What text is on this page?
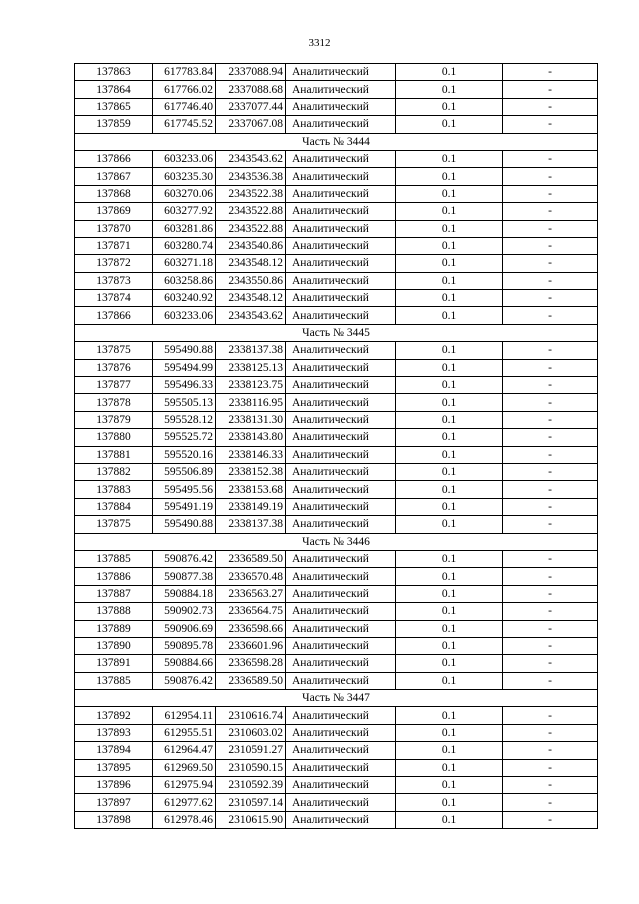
3312
137863	617783.84	2337088.94	Аналитический	0.1	-
137864	617766.02	2337088.68	Аналитический	0.1	-
137865	617746.40	2337077.44	Аналитический	0.1	-
137859	617745.52	2337067.08	Аналитический	0.1	-
Часть № 3444					
137866	603233.06	2343543.62	Аналитический	0.1	-
137867	603235.30	2343536.38	Аналитический	0.1	-
137868	603270.06	2343522.38	Аналитический	0.1	-
137869	603277.92	2343522.88	Аналитический	0.1	-
137870	603281.86	2343522.88	Аналитический	0.1	-
137871	603280.74	2343540.86	Аналитический	0.1	-
137872	603271.18	2343548.12	Аналитический	0.1	-
137873	603258.86	2343550.86	Аналитический	0.1	-
137874	603240.92	2343548.12	Аналитический	0.1	-
137866	603233.06	2343543.62	Аналитический	0.1	-
Часть № 3445					
137875	595490.88	2338137.38	Аналитический	0.1	-
137876	595494.99	2338125.13	Аналитический	0.1	-
137877	595496.33	2338123.75	Аналитический	0.1	-
137878	595505.13	2338116.95	Аналитический	0.1	-
137879	595528.12	2338131.30	Аналитический	0.1	-
137880	595525.72	2338143.80	Аналитический	0.1	-
137881	595520.16	2338146.33	Аналитический	0.1	-
137882	595506.89	2338152.38	Аналитический	0.1	-
137883	595495.56	2338153.68	Аналитический	0.1	-
137884	595491.19	2338149.19	Аналитический	0.1	-
137875	595490.88	2338137.38	Аналитический	0.1	-
Часть № 3446					
137885	590876.42	2336589.50	Аналитический	0.1	-
137886	590877.38	2336570.48	Аналитический	0.1	-
137887	590884.18	2336563.27	Аналитический	0.1	-
137888	590902.73	2336564.75	Аналитический	0.1	-
137889	590906.69	2336598.66	Аналитический	0.1	-
137890	590895.78	2336601.96	Аналитический	0.1	-
137891	590884.66	2336598.28	Аналитический	0.1	-
137885	590876.42	2336589.50	Аналитический	0.1	-
Часть № 3447					
137892	612954.11	2310616.74	Аналитический	0.1	-
137893	612955.51	2310603.02	Аналитический	0.1	-
137894	612964.47	2310591.27	Аналитический	0.1	-
137895	612969.50	2310590.15	Аналитический	0.1	-
137896	612975.94	2310592.39	Аналитический	0.1	-
137897	612977.62	2310597.14	Аналитический	0.1	-
137898	612978.46	2310615.90	Аналитический	0.1	-
